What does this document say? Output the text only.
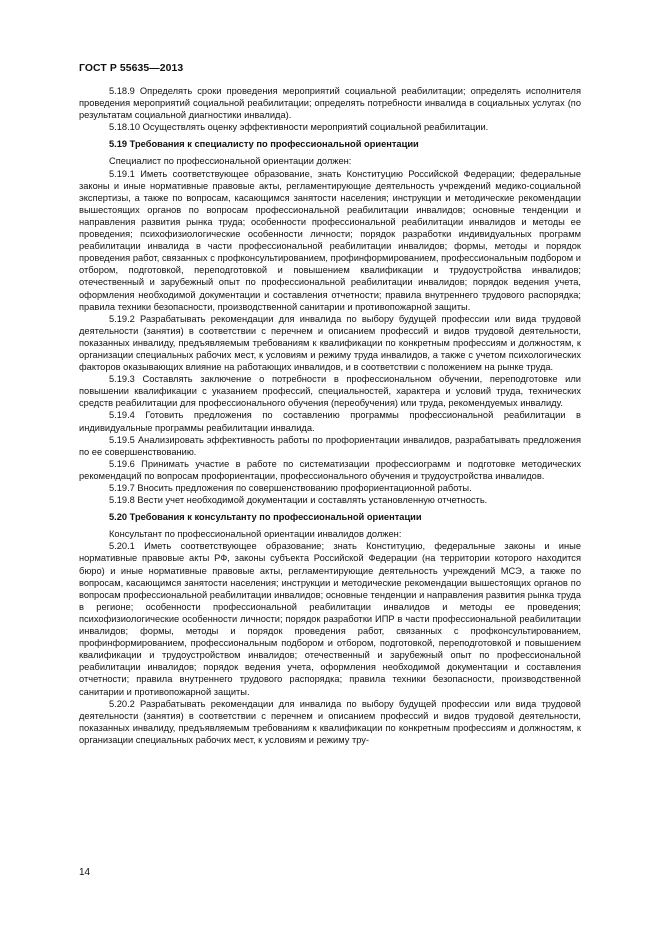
ГОСТ Р 55635—2013

5.18.9 Определять сроки проведения мероприятий социальной реабилитации; определять исполнителя проведения мероприятий социальной реабилитации; определять потребности инвалида в социальных услугах (по результатам социальной диагностики инвалида).

5.18.10 Осуществлять оценку эффективности мероприятий социальной реабилитации.

5.19 Требования к специалисту по профессиональной ориентации

Специалист по профессиональной ориентации должен:

5.19.1 Иметь соответствующее образование, знать Конституцию Российской Федерации; федеральные законы и иные нормативные правовые акты, регламентирующие деятельность учреждений медико-социальной экспертизы, а также по вопросам, касающимся занятости населения; инструкции и методические рекомендации вышестоящих органов по вопросам профессиональной реабилитации инвалидов; основные тенденции и направления развития рынка труда; особенности профессиональной реабилитации инвалидов и методы ее проведения; психофизиологические особенности личности; порядок разработки индивидуальных программ реабилитации инвалида в части профессиональной реабилитации инвалидов; формы, методы и порядок проведения работ, связанных с профконсультированием, профинформированием, профессиональным подбором и отбором, подготовкой, переподготовкой и повышением квалификации и трудоустройства инвалидов; отечественный и зарубежный опыт по профессиональной реабилитации инвалидов; порядок ведения учета, оформления необходимой документации и составления отчетности; правила внутреннего трудового распорядка; правила техники безопасности, производственной санитарии и противопожарной защиты.

5.19.2 Разрабатывать рекомендации для инвалида по выбору будущей профессии или вида трудовой деятельности (занятия) в соответствии с перечнем и описанием профессий и видов трудовой деятельности, показанных инвалиду, предъявляемым требованиям к квалификации по конкретным профессиям и должностям, к организации специальных рабочих мест, к условиям и режиму труда инвалидов, а также с учетом психологических факторов оказывающих влияние на работающих инвалидов, и в соответствии с положением на рынке труда.

5.19.3 Составлять заключение о потребности в профессиональном обучении, переподготовке или повышении квалификации с указанием профессий, специальностей, характера и условий труда, технических средств реабилитации для профессионального обучения (переобучения) или труда, рекомендуемых инвалиду.

5.19.4 Готовить предложения по составлению программы профессиональной реабилитации в индивидуальные программы реабилитации инвалида.

5.19.5 Анализировать эффективность работы по профориентации инвалидов, разрабатывать предложения по ее совершенствованию.

5.19.6 Принимать участие в работе по систематизации профессиограмм и подготовке методических рекомендаций по вопросам профориентации, профессионального обучения и трудоустройства инвалидов.

5.19.7 Вносить предложения по совершенствованию профориентационной работы.

5.19.8 Вести учет необходимой документации и составлять установленную отчетность.

5.20 Требования к консультанту по профессиональной ориентации

Консультант по профессиональной ориентации инвалидов должен:

5.20.1 Иметь соответствующее образование; знать Конституцию, федеральные законы и иные нормативные правовые акты РФ, законы субъекта Российской Федерации (на территории которого находится бюро) и иные нормативные правовые акты, регламентирующие деятельность учреждений МСЭ, а также по вопросам, касающимся занятости населения; инструкции и методические рекомендации вышестоящих органов по вопросам профессиональной реабилитации инвалидов; основные тенденции и направления развития рынка труда в регионе; особенности профессиональной реабилитации инвалидов и методы ее проведения; психофизиологические особенности личности; порядок разработки ИПР в части профессиональной реабилитации инвалидов; формы, методы и порядок проведения работ, связанных с профконсультированием, профинформированием, профессиональным подбором и отбором, подготовкой, переподготовкой и повышением квалификации и трудоустройством инвалидов; отечественный и зарубежный опыт по профессиональной реабилитации инвалидов; порядок ведения учета, оформления необходимой документации и составления отчетности; правила внутреннего трудового распорядка; правила техники безопасности, производственной санитарии и противопожарной защиты.

5.20.2 Разрабатывать рекомендации для инвалида по выбору будущей профессии или вида трудовой деятельности (занятия) в соответствии с перечнем и описанием профессий и видов трудовой деятельности, показанных инвалиду, предъявляемым требованиям к квалификации по конкретным профессиям и должностям, к организации специальных рабочих мест, к условиям и режиму тру-

14
